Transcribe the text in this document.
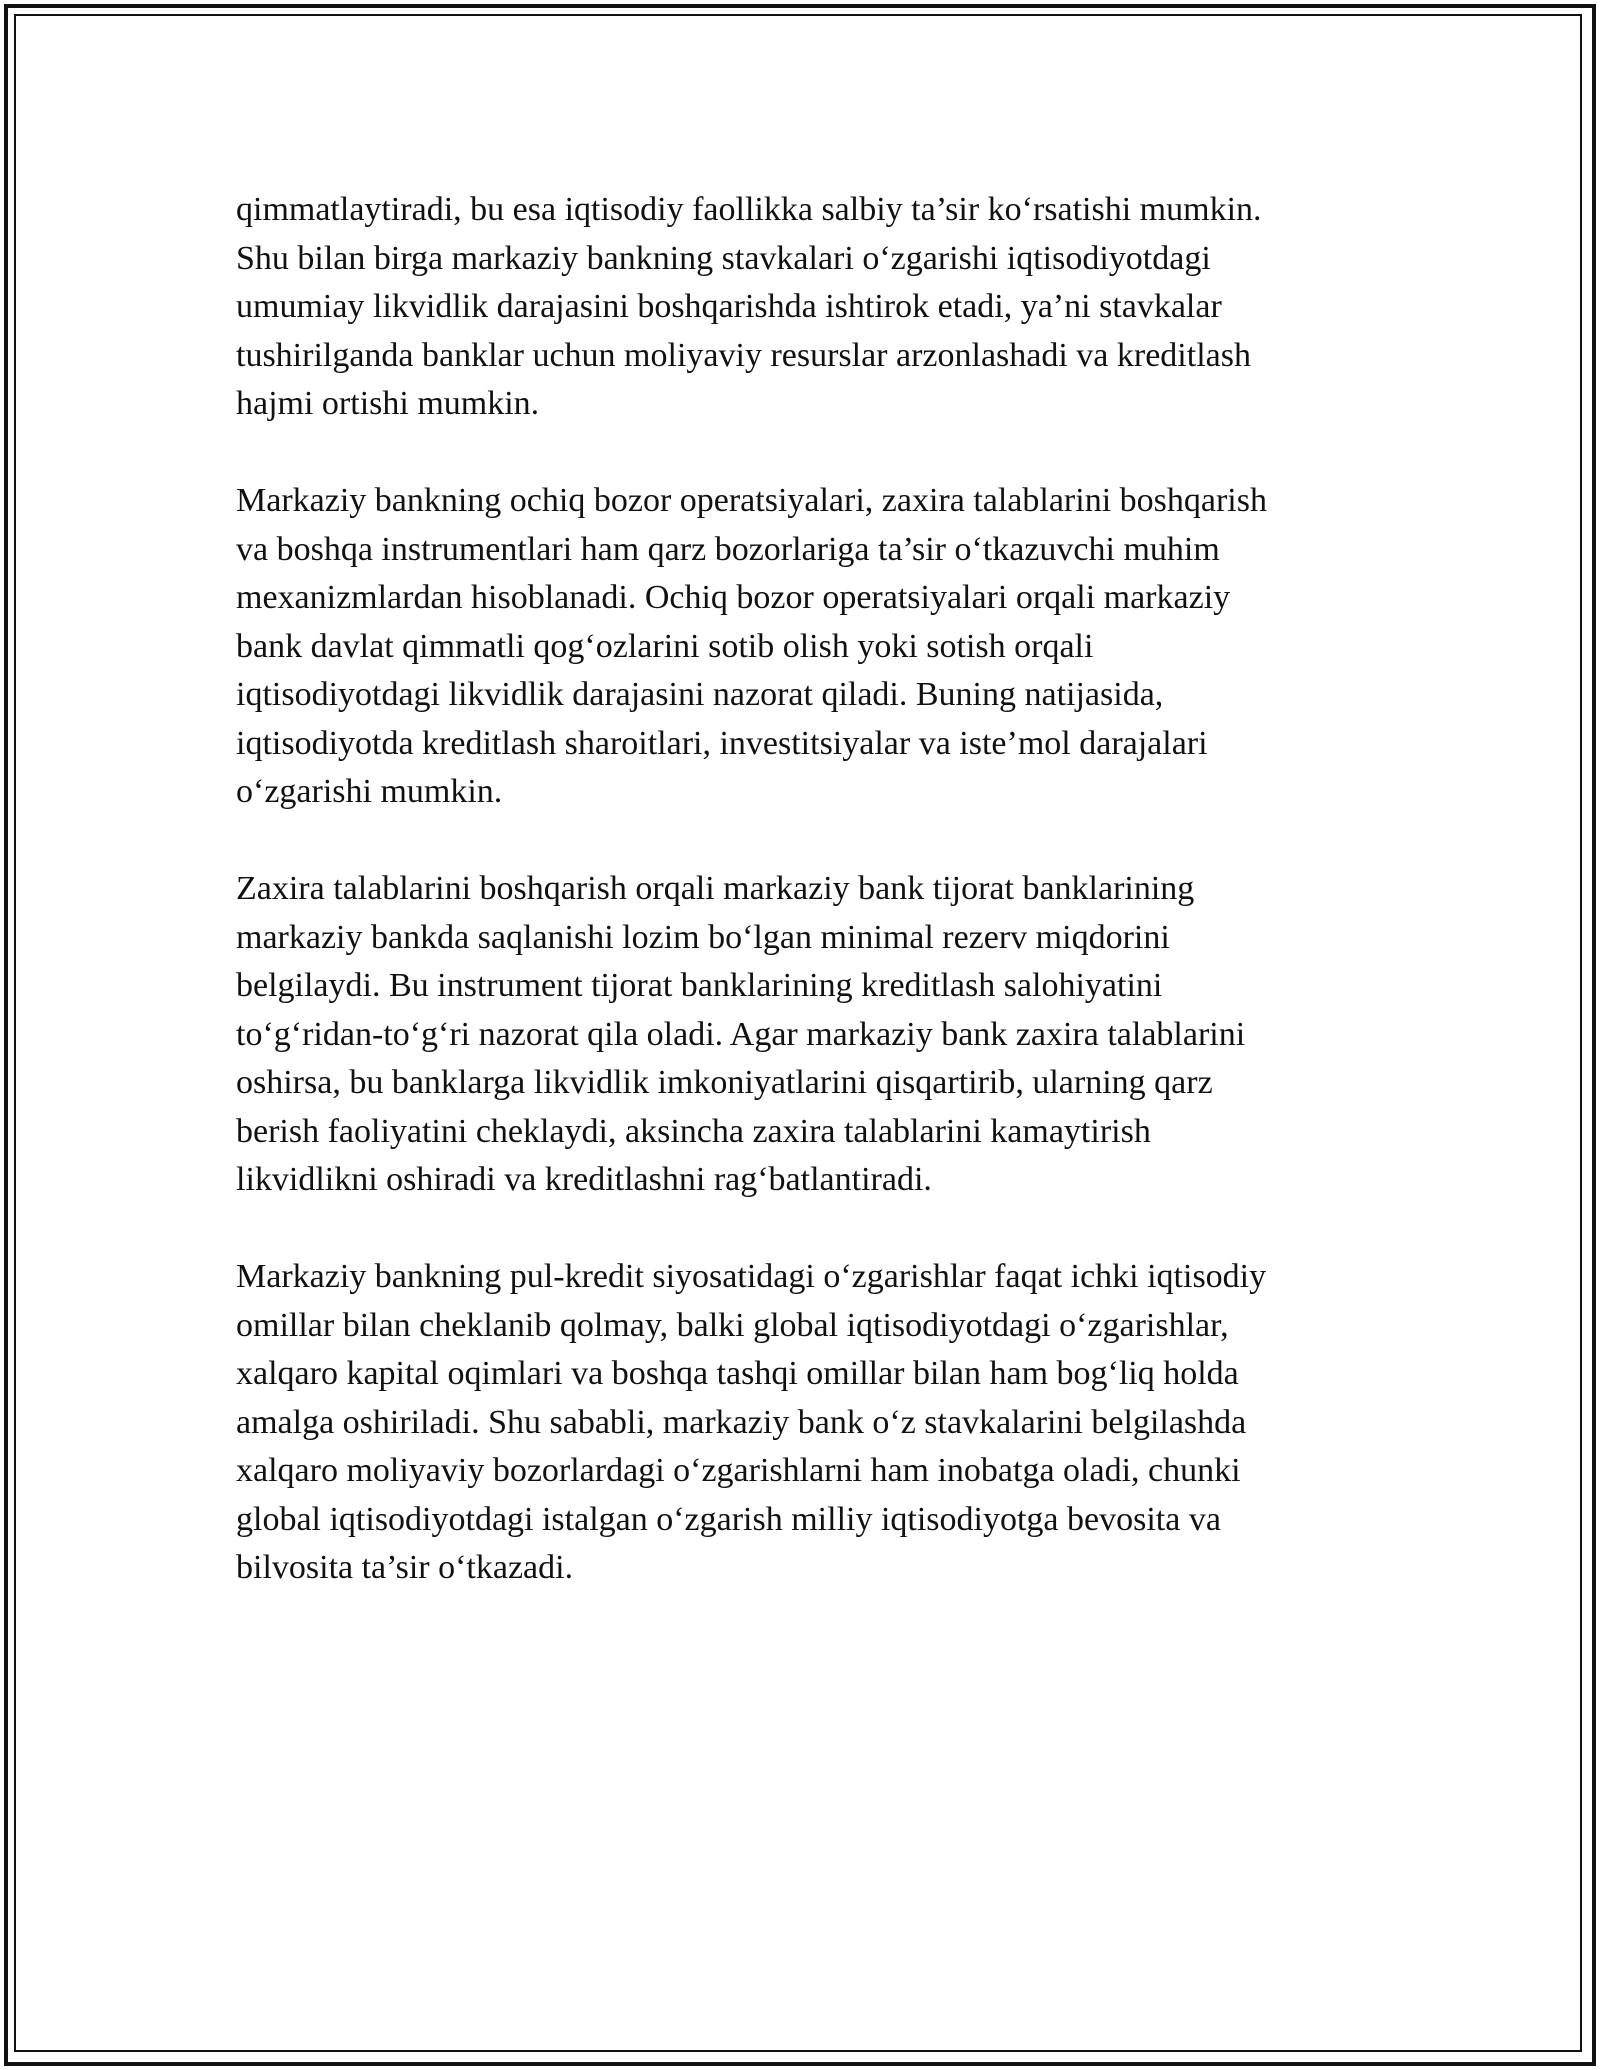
qimmatlaytiradi, bu esa iqtisodiy faollikka salbiy ta’sir ko‘rsatishi mumkin.
Shu bilan birga markaziy bankning stavkalari o‘zgarishi iqtisodiyotdagi
umumiay likvidlik darajasini boshqarishda ishtirok etadi, ya’ni stavkalar
tushirilganda banklar uchun moliyaviy resurslar arzonlashadi va kreditlash
hajmi ortishi mumkin.

Markaziy bankning ochiq bozor operatsiyalari, zaxira talablarini boshqarish
va boshqa instrumentlari ham qarz bozorlariga ta’sir o‘tkazuvchi muhim
mexanizmlardan hisoblanadi. Ochiq bozor operatsiyalari orqali markaziy
bank davlat qimmatli qog‘ozlarini sotib olish yoki sotish orqali
iqtisodiyotdagi likvidlik darajasini nazorat qiladi. Buning natijasida,
iqtisodiyotda kreditlash sharoitlari, investitsiyalar va iste’mol darajalari
o‘zgarishi mumkin.

Zaxira talablarini boshqarish orqali markaziy bank tijorat banklarining
markaziy bankda saqlanishi lozim bo‘lgan minimal rezerv miqdorini
belgilaydi. Bu instrument tijorat banklarining kreditlash salohiyatini
to‘g‘ridan-to‘g‘ri nazorat qila oladi. Agar markaziy bank zaxira talablarini
oshirsa, bu banklarga likvidlik imkoniyatlarini qisqartirib, ularning qarz
berish faoliyatini cheklaydi, aksincha zaxira talablarini kamaytirish
likvidlikni oshiradi va kreditlashni rag‘batlantiradi.

Markaziy bankning pul-kredit siyosatidagi o‘zgarishlar faqat ichki iqtisodiy
omillar bilan cheklanib qolmay, balki global iqtisodiyotdagi o‘zgarishlar,
xalqaro kapital oqimlari va boshqa tashqi omillar bilan ham bog‘liq holda
amalga oshiriladi. Shu sababli, markaziy bank o‘z stavkalarini belgilashda
xalqaro moliyaviy bozorlardagi o‘zgarishlarni ham inobatga oladi, chunki
global iqtisodiyotdagi istalgan o‘zgarish milliy iqtisodiyotga bevosita va
bilvosita ta’sir o‘tkazadi.
